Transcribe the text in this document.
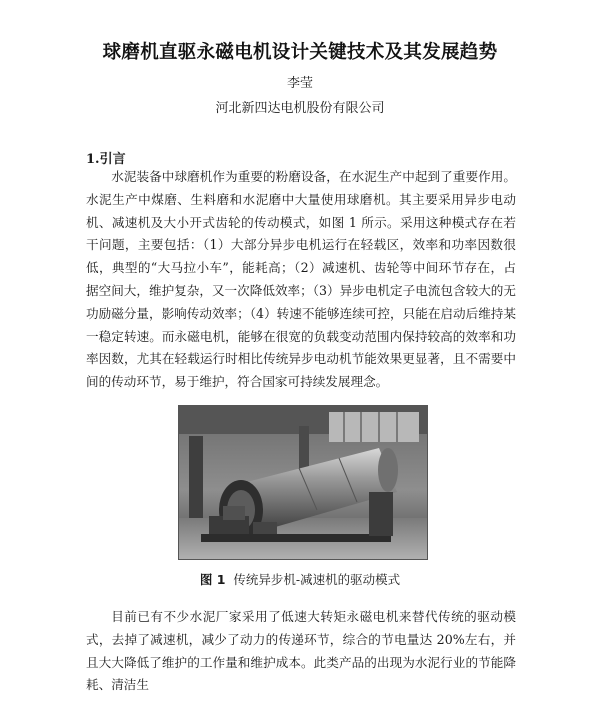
球磨机直驱永磁电机设计关键技术及其发展趋势
李莹
河北新四达电机股份有限公司
1.引言

水泥装备中球磨机作为重要的粉磨设备，在水泥生产中起到了重要作用。水泥生产中煤磨、生料磨和水泥磨中大量使用球磨机。其主要采用异步电动机、减速机及大小开式齿轮的传动模式，如图 1 所示。采用这种模式存在若干问题，主要包括：（1）大部分异步电机运行在轻载区，效率和功率因数很低，典型的“大马拉小车”，能耗高；（2）减速机、齿轮等中间环节存在，占据空间大，维护复杂，又一次降低效率；（3）异步电机定子电流包含较大的无功励磁分量，影响传动效率；（4）转速不能够连续可控，只能在启动后维持某一稳定转速。而永磁电机，能够在很宽的负载变动范围内保持较高的效率和功率因数，尤其在轻载运行时相比传统异步电动机节能效果更显著，且不需要中间的传动环节，易于维护，符合国家可持续发展理念。

图 1 传统异步机-减速机的驱动模式

目前已有不少水泥厂家采用了低速大转矩永磁电机来替代传统的驱动模式，去掉了减速机，减少了动力的传递环节，综合的节电量达 20%左右，并且大大降低了维护的工作量和维护成本。此类产品的出现为水泥行业的节能降耗、清洁生
